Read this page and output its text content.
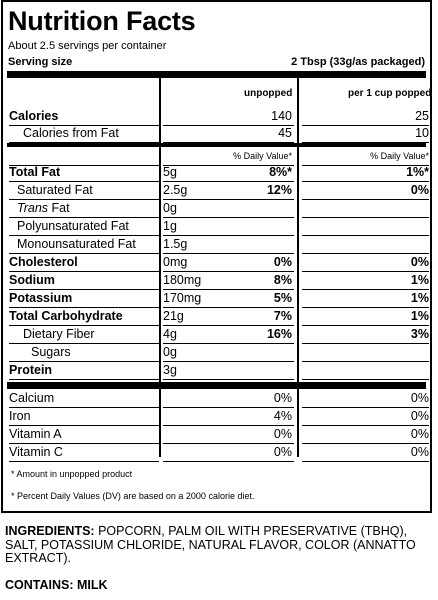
Nutrition Facts
About 2.5 servings per container
Serving size	2 Tbsp (33g/as packaged)
unpopped	per 1 cup popped
Calories	140	25
Calories from Fat	45	10
% Daily Value*	% Daily Value*
Total Fat	5g	8%*	1%*
Saturated Fat	2.5g	12%	0%
Trans Fat	0g
Polyunsaturated Fat	1g
Monounsaturated Fat	1.5g
Cholesterol	0mg	0%	0%
Sodium	180mg	8%	1%
Potassium	170mg	5%	1%
Total Carbohydrate	21g	7%	1%
Dietary Fiber	4g	16%	3%
Sugars	0g
Protein	3g
Calcium	0%	0%
Iron	4%	0%
Vitamin A	0%	0%
Vitamin C	0%	0%
* Amount in unpopped product
* Percent Daily Values (DV) are based on a 2000 calorie diet.
INGREDIENTS: POPCORN, PALM OIL WITH PRESERVATIVE (TBHQ), SALT, POTASSIUM CHLORIDE, NATURAL FLAVOR, COLOR (ANNATTO EXTRACT).
CONTAINS: MILK
